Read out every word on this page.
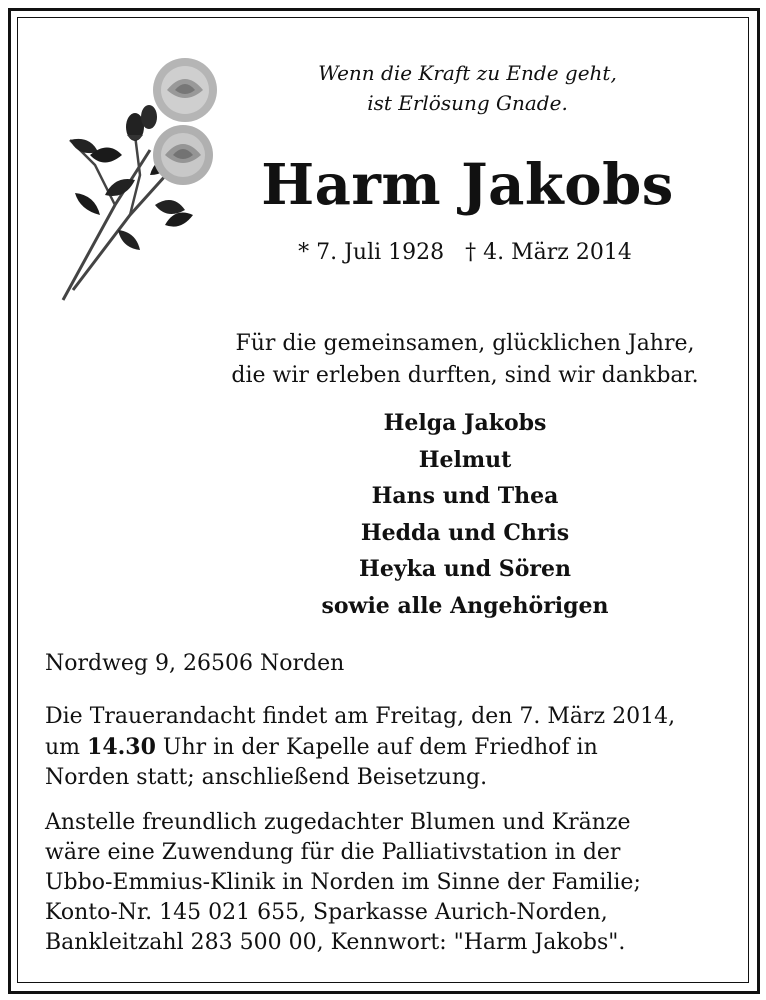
Wenn die Kraft zu Ende geht,
ist Erlösung Gnade.
Harm Jakobs
* 7. Juli 1928 † 4. März 2014
Für die gemeinsamen, glücklichen Jahre,
die wir erleben durften, sind wir dankbar.
Helga Jakobs
Helmut
Hans und Thea
Hedda und Chris
Heyka und Sören
sowie alle Angehörigen
Nordweg 9, 26506 Norden
Die Trauerandacht findet am Freitag, den 7. März 2014,
um 14.30 Uhr in der Kapelle auf dem Friedhof in
Norden statt; anschließend Beisetzung.
Anstelle freundlich zugedachter Blumen und Kränze
wäre eine Zuwendung für die Palliativstation in der
Ubbo-Emmius-Klinik in Norden im Sinne der Familie;
Konto-Nr. 145 021 655, Sparkasse Aurich-Norden,
Bankleitzahl 283 500 00, Kennwort: "Harm Jakobs".
